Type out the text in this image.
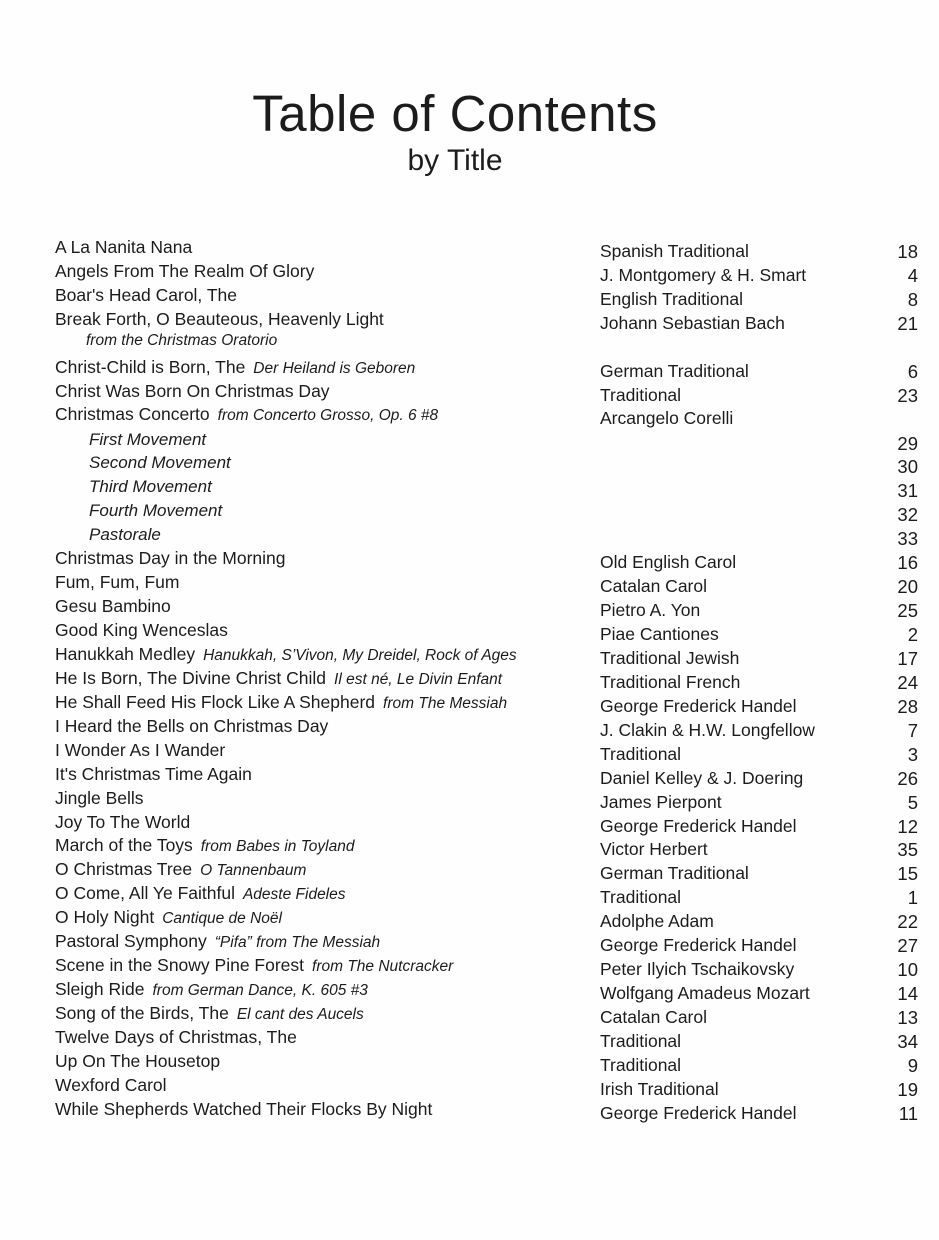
Table of Contents
by Title
A La Nanita Nana	Spanish Traditional	18
Angels From The Realm Of Glory	J. Montgomery & H. Smart	4
Boar's Head Carol, The	English Traditional	8
Break Forth, O Beauteous, Heavenly Light	Johann Sebastian Bach	21
from the Christmas Oratorio
Christ-Child is Born, The Der Heiland is Geboren	German Traditional	6
Christ Was Born On Christmas Day	Traditional	23
Christmas Concerto from Concerto Grosso, Op. 6 #8	Arcangelo Corelli
First Movement	29
Second Movement	30
Third Movement	31
Fourth Movement	32
Pastorale	33
Christmas Day in the Morning	Old English Carol	16
Fum, Fum, Fum	Catalan Carol	20
Gesu Bambino	Pietro A. Yon	25
Good King Wenceslas	Piae Cantiones	2
Hanukkah Medley Hanukkah, S’Vivon, My Dreidel, Rock of Ages	Traditional Jewish	17
He Is Born, The Divine Christ Child Il est né, Le Divin Enfant	Traditional French	24
He Shall Feed His Flock Like A Shepherd from The Messiah	George Frederick Handel	28
I Heard the Bells on Christmas Day	J. Clakin & H.W. Longfellow	7
I Wonder As I Wander	Traditional	3
It's Christmas Time Again	Daniel Kelley & J. Doering	26
Jingle Bells	James Pierpont	5
Joy To The World	George Frederick Handel	12
March of the Toys from Babes in Toyland	Victor Herbert	35
O Christmas Tree O Tannenbaum	German Traditional	15
O Come, All Ye Faithful Adeste Fideles	Traditional	1
O Holy Night Cantique de Noël	Adolphe Adam	22
Pastoral Symphony “Pifa” from The Messiah	George Frederick Handel	27
Scene in the Snowy Pine Forest from The Nutcracker	Peter Ilyich Tschaikovsky	10
Sleigh Ride from German Dance, K. 605 #3	Wolfgang Amadeus Mozart	14
Song of the Birds, The El cant des Aucels	Catalan Carol	13
Twelve Days of Christmas, The	Traditional	34
Up On The Housetop	Traditional	9
Wexford Carol	Irish Traditional	19
While Shepherds Watched Their Flocks By Night	George Frederick Handel	11
